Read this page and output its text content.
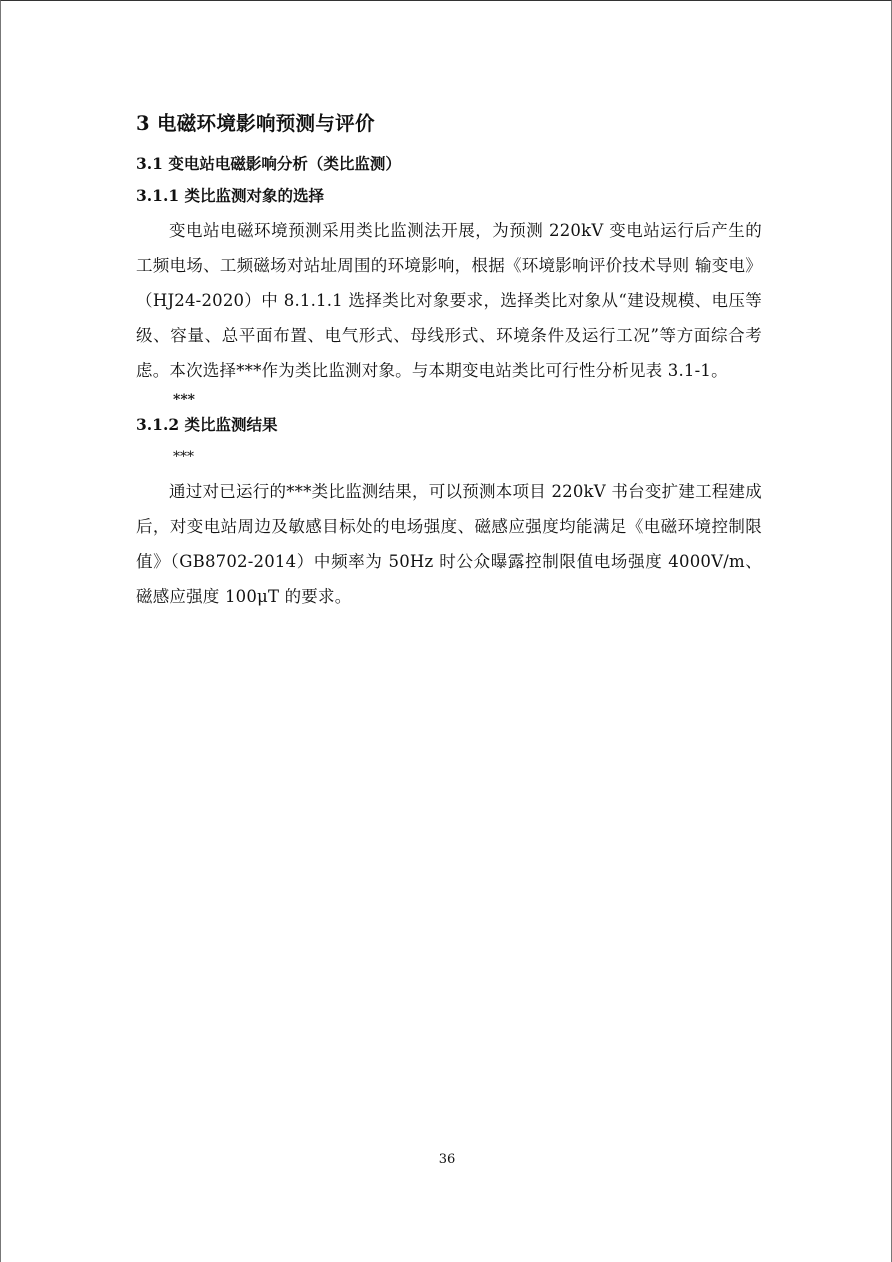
3 电磁环境影响预测与评价
3.1 变电站电磁影响分析（类比监测）
3.1.1 类比监测对象的选择

变电站电磁环境预测采用类比监测法开展，为预测 220kV 变电站运行后产生的工频电场、工频磁场对站址周围的环境影响，根据《环境影响评价技术导则 输变电》（HJ24-2020）中 8.1.1.1 选择类比对象要求，选择类比对象从“建设规模、电压等级、容量、总平面布置、电气形式、母线形式、环境条件及运行工况”等方面综合考虑。本次选择***作为类比监测对象。与本期变电站类比可行性分析见表 3.1-1。

***
3.1.2 类比监测结果
***

通过对已运行的***类比监测结果，可以预测本项目 220kV 书台变扩建工程建成后，对变电站周边及敏感目标处的电场强度、磁感应强度均能满足《电磁环境控制限值》（GB8702-2014）中频率为 50Hz 时公众曝露控制限值电场强度 4000V/m、磁感应强度 100μT 的要求。

36
